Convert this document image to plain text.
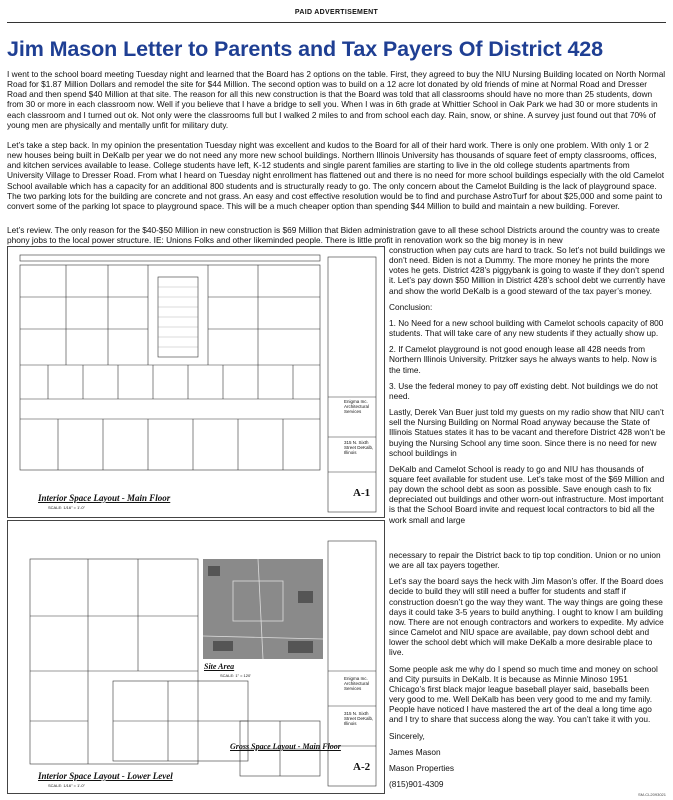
PAID ADVERTISEMENT
Jim Mason Letter to Parents and Tax Payers Of District 428

I went to the school board meeting Tuesday night and learned that the Board has 2 options on the table. First, they agreed to buy the NIU Nursing Building located on North Normal Road for $1.87 Million Dollars and remodel the site for $44 Million. The second option was to build on a 12 acre lot donated by old friends of mine at Normal Road and Dresser Road and then spend $40 Million at that site. The reason for all this new construction is that the Board was told that all classrooms should have no more than 25 students, down from 30 or more in each classroom now. Well if you believe that I have a bridge to sell you. When I was in 6th grade at Whittier School in Oak Park we had 30 or more students in each classroom and I turned out ok. Not only were the classrooms full but I walked 2 miles to and from school each day. Rain, snow, or shine. A survey just found out that 70% of young men are physically and mentally unfit for military duty.

Let’s take a step back. In my opinion the presentation Tuesday night was excellent and kudos to the Board for all of their hard work. There is only one problem. With only 1 or 2 new houses being built in DeKalb per year we do not need any more new school buildings. Northern Illinois University has thousands of square feet of empty classrooms, offices, and kitchen services available to lease. College students have left, K-12 students and single parent families are starting to live in the old college students apartments from University Village to Dresser Road. From what I heard on Tuesday night enrollment has flattened out and there is no need for more school buildings especially with the old Camelot School available which has a capacity for an additional 800 students and is structurally ready to go. The only concern about the Camelot Building is the lack of playground space. The two parking lots for the building are concrete and not grass. An easy and cost effective resolution would be to find and purchase AstroTurf for about $25,000 and some paint to convert some of the parking lot space to playground space. This will be a much cheaper option than spending $44 Million to build and maintain a new building. Forever.

Let’s review. The only reason for the $40-$50 Million in new construction is $69 Million that Biden administration gave to all these school Districts around the country was to create phony jobs to the local power structure. IE: Unions Folks and other likeminded people. There is little profit in renovation work so the big money is in new

construction when pay cuts are hard to track. So let’s not build buildings we don’t need. Biden is not a Dummy. The more money he prints the more votes he gets. District 428’s piggybank is going to waste if they don’t spend it. Let’s pay down $50 Million in District 428’s school debt we currently have and show the world DeKalb is a good steward of the tax payer’s money.

Conclusion:

1. No Need for a new school building with Camelot schools capacity of 800 students. That will take care of any new students if they actually show up.

2. If Camelot playground is not good enough lease all 428 needs from Northern Illinois University. Pritzker says he always wants to help. Now is the time.

3. Use the federal money to pay off existing debt. Not buildings we do not need.

Lastly, Derek Van Buer just told my guests on my radio show that NIU can’t sell the Nursing Building on Normal Road anyway because the State of Illinois Statues states it has to be vacant and therefore District 428 won’t be buying the Nursing School any time soon. Since there is no need for new school buildings in

DeKalb and Camelot School is ready to go and NIU has thousands of square feet available for student use. Let’s take most of the $69 Million and pay down the school debt as soon as possible. Save enough cash to fix depreciated out buildings and other worn-out infrastructure. Most important is that the School Board invite and request local contractors to bid all the work small and large

necessary to repair the District back to tip top condition. Union or no union we are all tax payers together.

Let’s say the board says the heck with Jim Mason’s offer. If the Board does decide to build they will still need a buffer for students and staff if construction doesn’t go the way they want. The way things are going these days it could take 3-5 years to build anything. I ought to know I am building now. There are not enough contractors and workers to expedite. My advice since Camelot and NIU space are available, pay down school debt and lower the school debt which will make DeKalb a more desirable place to live.

Some people ask me why do I spend so much time and money on school and City pursuits in DeKalb. It is because as Minnie Minoso 1951 Chicago’s first black major league baseball player said, baseballs been very good to me. Well DeKalb has been very good to me and my family. People have noticed I have mastered the art of the deal a long time ago and I try to share that success along the way. You can’t take it with you.

Sincerely,

James Mason

Mason Properties

(815)901-4309

Enigma Inc. Architectural Services
315 N. Sixth Street DeKalb, Illinois
A-1
Interior Space Layout - Main Floor
SCALE: 1/16" = 1'-0"
Site Area
SCALE: 1" = 120'
Gross Space Layout - Main Floor
Enigma Inc. Architectural Services
315 N. Sixth Street DeKalb, Illinois
A-2
Interior Space Layout - Lower Level
SCALE: 1/16" = 1'-0"
SM-CL2093021
